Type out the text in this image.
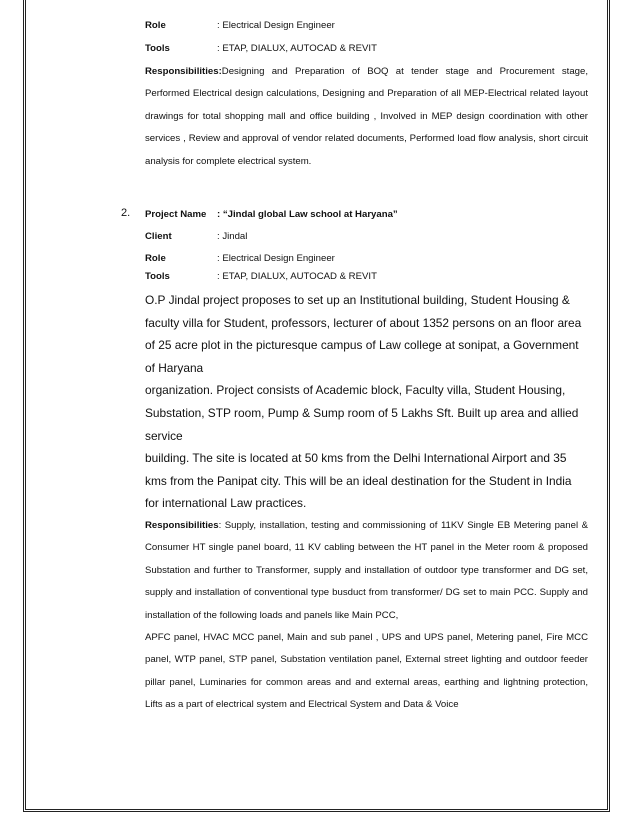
Role	: Electrical Design Engineer
Tools	: ETAP, DIALUX, AUTOCAD & REVIT
Responsibilities:Designing and Preparation of BOQ at tender stage and Procurement stage, Performed Electrical design calculations, Designing and Preparation of all MEP-Electrical related layout drawings for total shopping mall and office building , Involved in MEP design coordination with other services , Review and approval of vendor related documents, Performed load flow analysis, short circuit analysis for complete electrical system.
2. Project Name : “Jindal global Law school at Haryana”
Client	: Jindal
Role	: Electrical Design Engineer
Tools	: ETAP, DIALUX, AUTOCAD & REVIT

O.P Jindal project proposes to set up an Institutional building, Student Housing & faculty villa for Student, professors, lecturer of about 1352 persons on an floor area of 25 acre plot in the picturesque campus of Law college at sonipat, a Government of Haryana

organization. Project consists of Academic block, Faculty villa, Student Housing, Substation, STP room, Pump & Sump room of 5 Lakhs Sft. Built up area and allied service

building. The site is located at 50 kms from the Delhi International Airport and 35 kms from the Panipat city. This will be an ideal destination for the Student in India for international Law practices.

Responsibilities: Supply, installation, testing and commissioning of 11KV Single EB Metering panel & Consumer HT single panel board, 11 KV cabling between the HT panel in the Meter room & proposed Substation and further to Transformer, supply and installation of outdoor type transformer and DG set, supply and installation of conventional type busduct from transformer/ DG set to main PCC. Supply and installation of the following loads and panels like Main PCC,
APFC panel, HVAC MCC panel, Main and sub panel , UPS and UPS panel, Metering panel, Fire MCC panel, WTP panel, STP panel, Substation ventilation panel, External street lighting and outdoor feeder pillar panel, Luminaries for common areas and and external areas, earthing and lightning protection, Lifts as a part of electrical system and Electrical System and Data & Voice
